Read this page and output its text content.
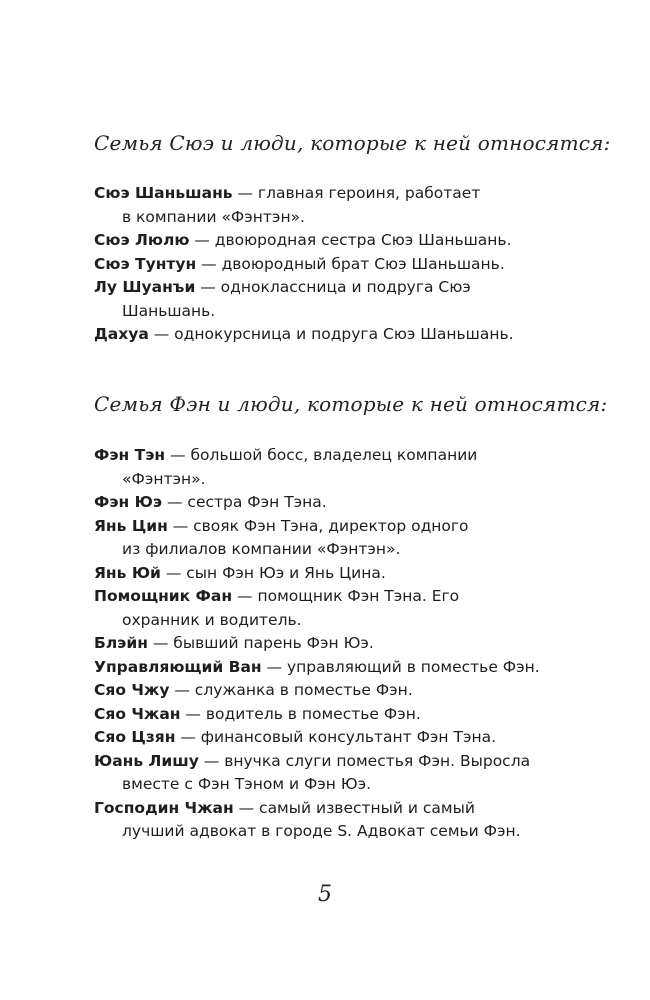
Семья Сюэ и люди, которые к ней относятся:
Сюэ Шаньшань — главная героиня, работает
в компании «Фэнтэн».
Сюэ Люлю — двоюродная сестра Сюэ Шаньшань.
Сюэ Тунтун — двоюродный брат Сюэ Шаньшань.
Лу Шуанъи — одноклассница и подруга Сюэ
Шаньшань.
Дахуа — однокурсница и подруга Сюэ Шаньшань.
Семья Фэн и люди, которые к ней относятся:
Фэн Тэн — большой босс, владелец компании
«Фэнтэн».
Фэн Юэ — сестра Фэн Тэна.
Янь Цин — свояк Фэн Тэна, директор одного
из филиалов компании «Фэнтэн».
Янь Юй — сын Фэн Юэ и Янь Цина.
Помощник Фан — помощник Фэн Тэна. Его
охранник и водитель.
Блэйн — бывший парень Фэн Юэ.
Управляющий Ван — управляющий в поместье Фэн.
Сяо Чжу — служанка в поместье Фэн.
Сяо Чжан — водитель в поместье Фэн.
Сяо Цзян — финансовый консультант Фэн Тэна.
Юань Лишу — внучка слуги поместья Фэн. Выросла
вместе с Фэн Тэном и Фэн Юэ.
Господин Чжан — самый известный и самый
лучший адвокат в городе S. Адвокат семьи Фэн.
5
